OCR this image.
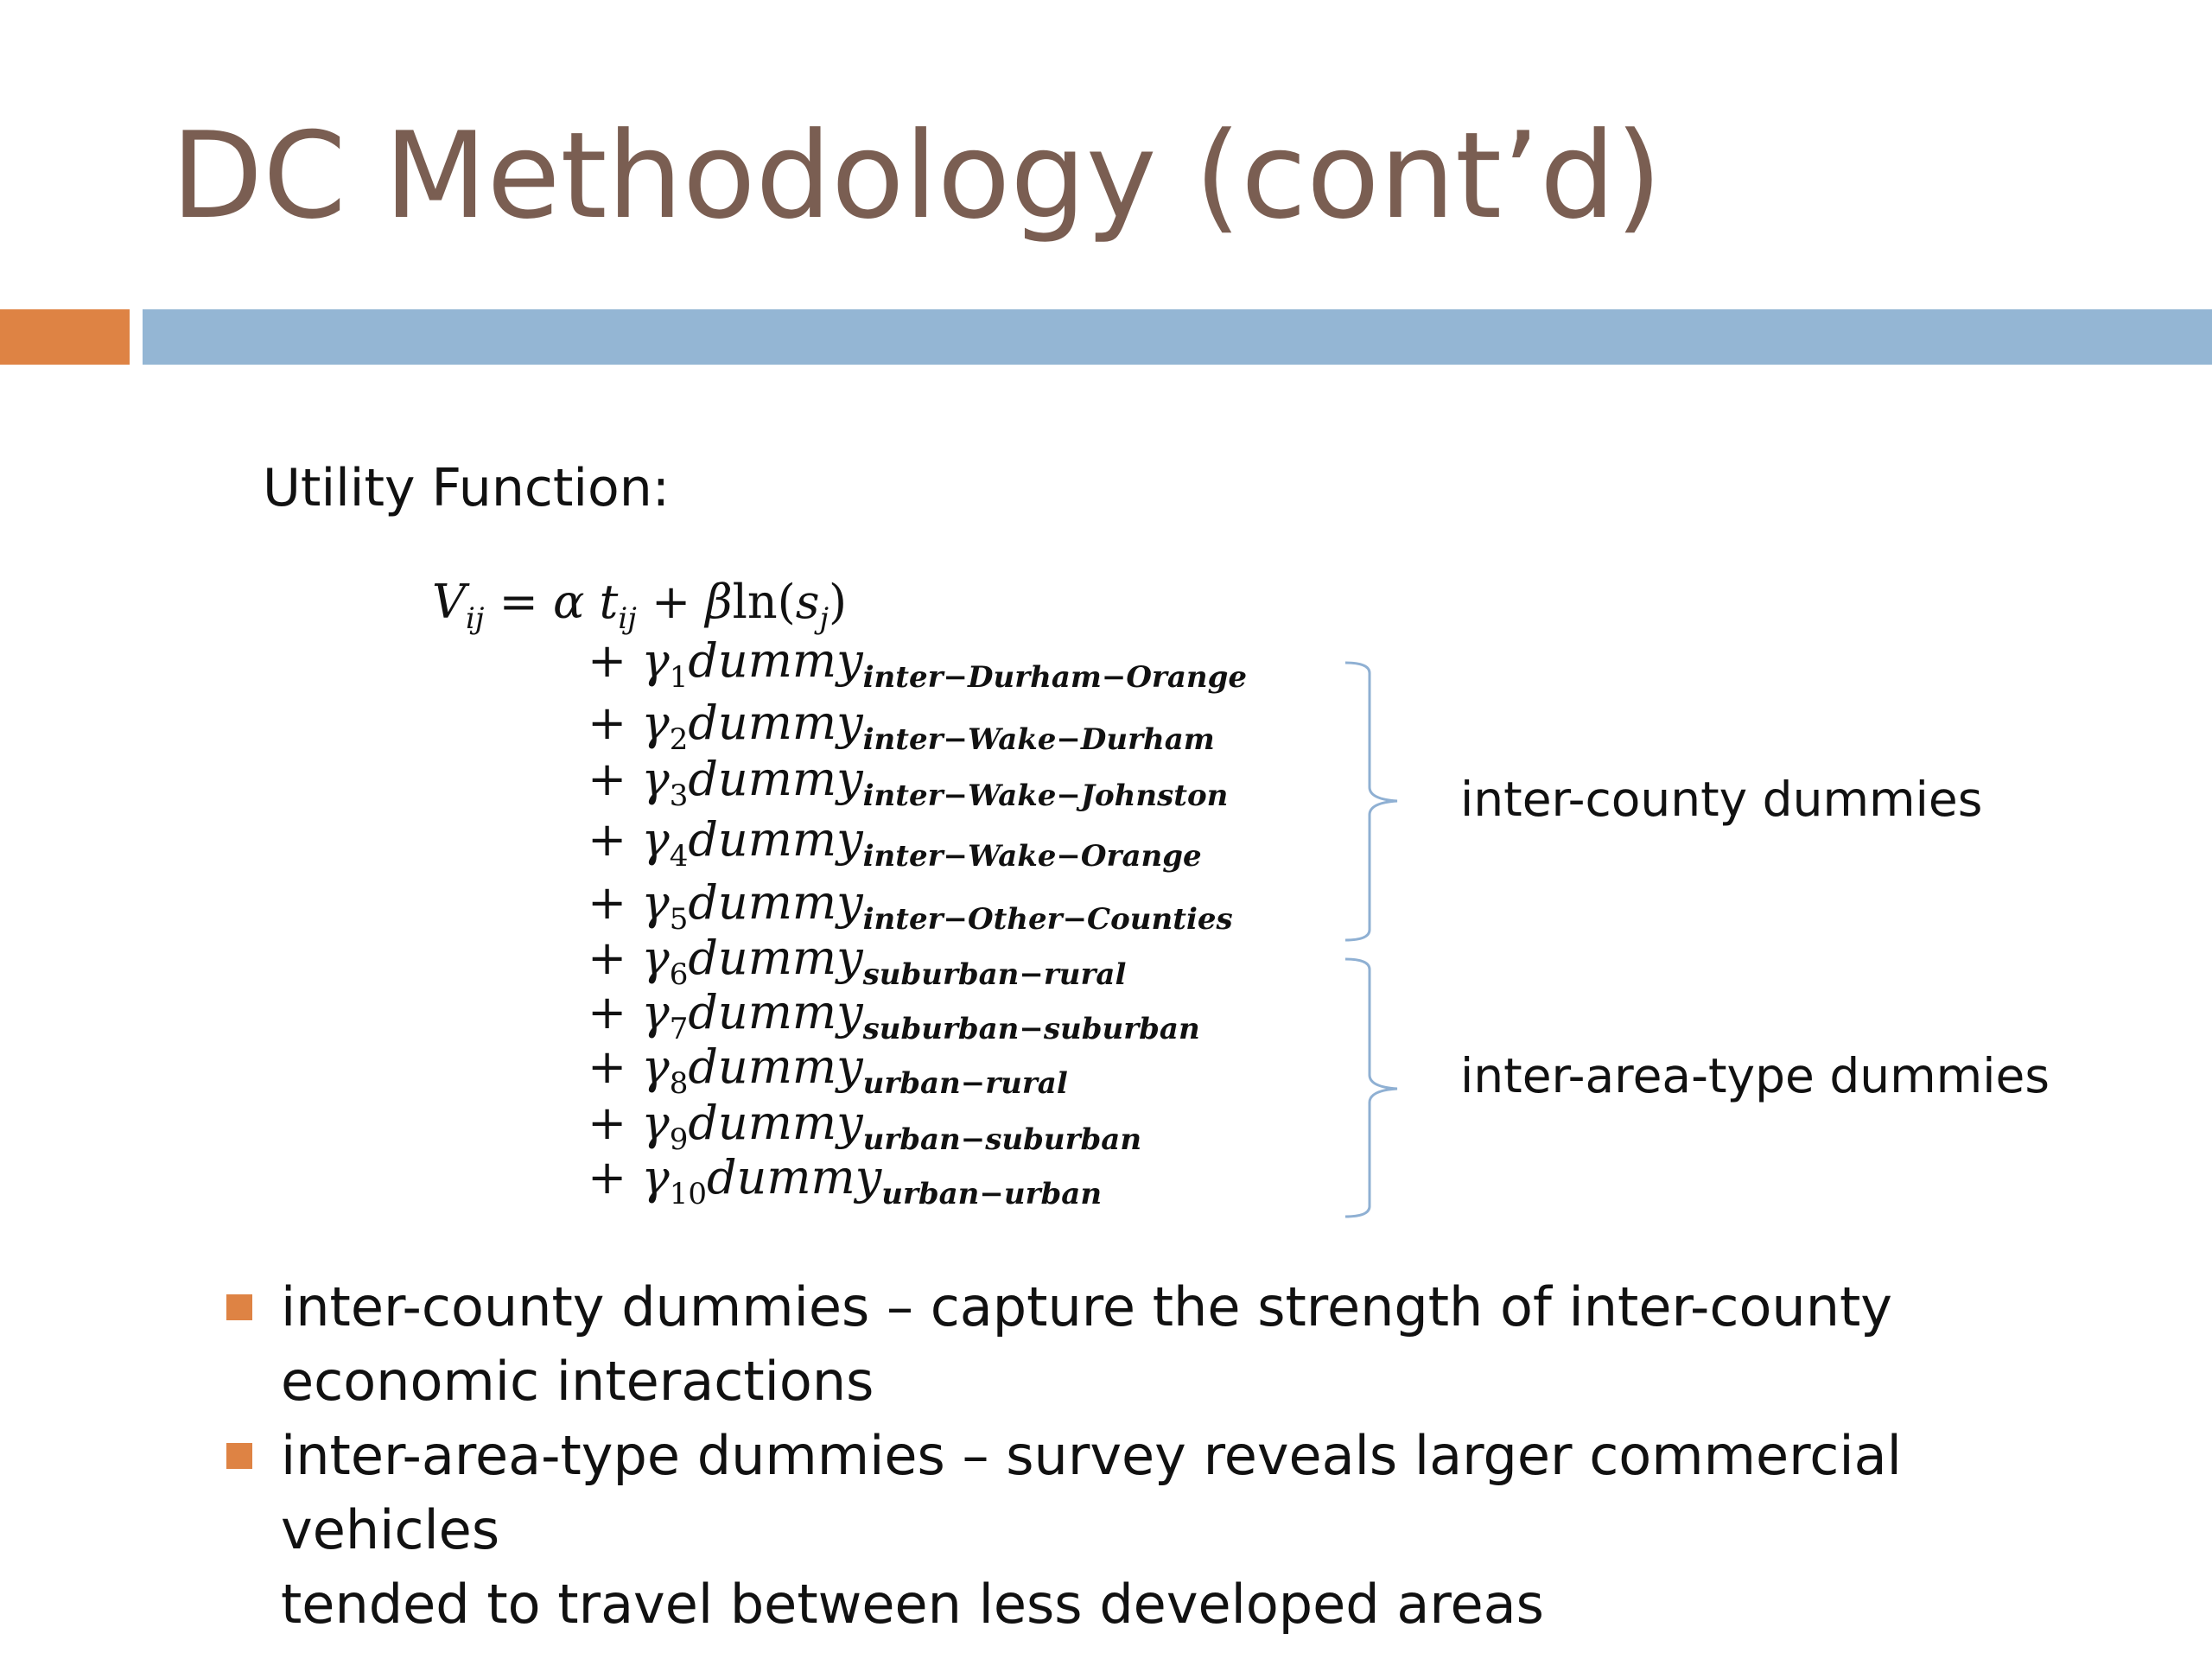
DC Methodology (cont’d)
Utility Function:
$V_{ij} = \alpha$ $t_{ij} + \beta\ln(s_j)$
+ $\gamma_1dummy_{inter-Durham-Orange}$
+ $\gamma_2dummy_{inter-Wake-Durham}$
+ $\gamma_3dummy_{inter-Wake-Johnston}$
+ $\gamma_4dummy_{inter-Wake-Orange}$
+ $\gamma_5dummy_{inter-Other-Counties}$
+ $\gamma_6dummy_{suburban-rural}$
+ $\gamma_7dummy_{suburban-suburban}$
+ $\gamma_8dummy_{urban-rural}$
+ $\gamma_9dummy_{urban-suburban}$
+ $\gamma_{10}dummy_{urban-urban}$
inter-county dummies
inter-area-type dummies
inter-county dummies – capture the strength of inter-county
economic interactions
inter-area-type dummies – survey reveals larger commercial vehicles
tended to travel between less developed areas
